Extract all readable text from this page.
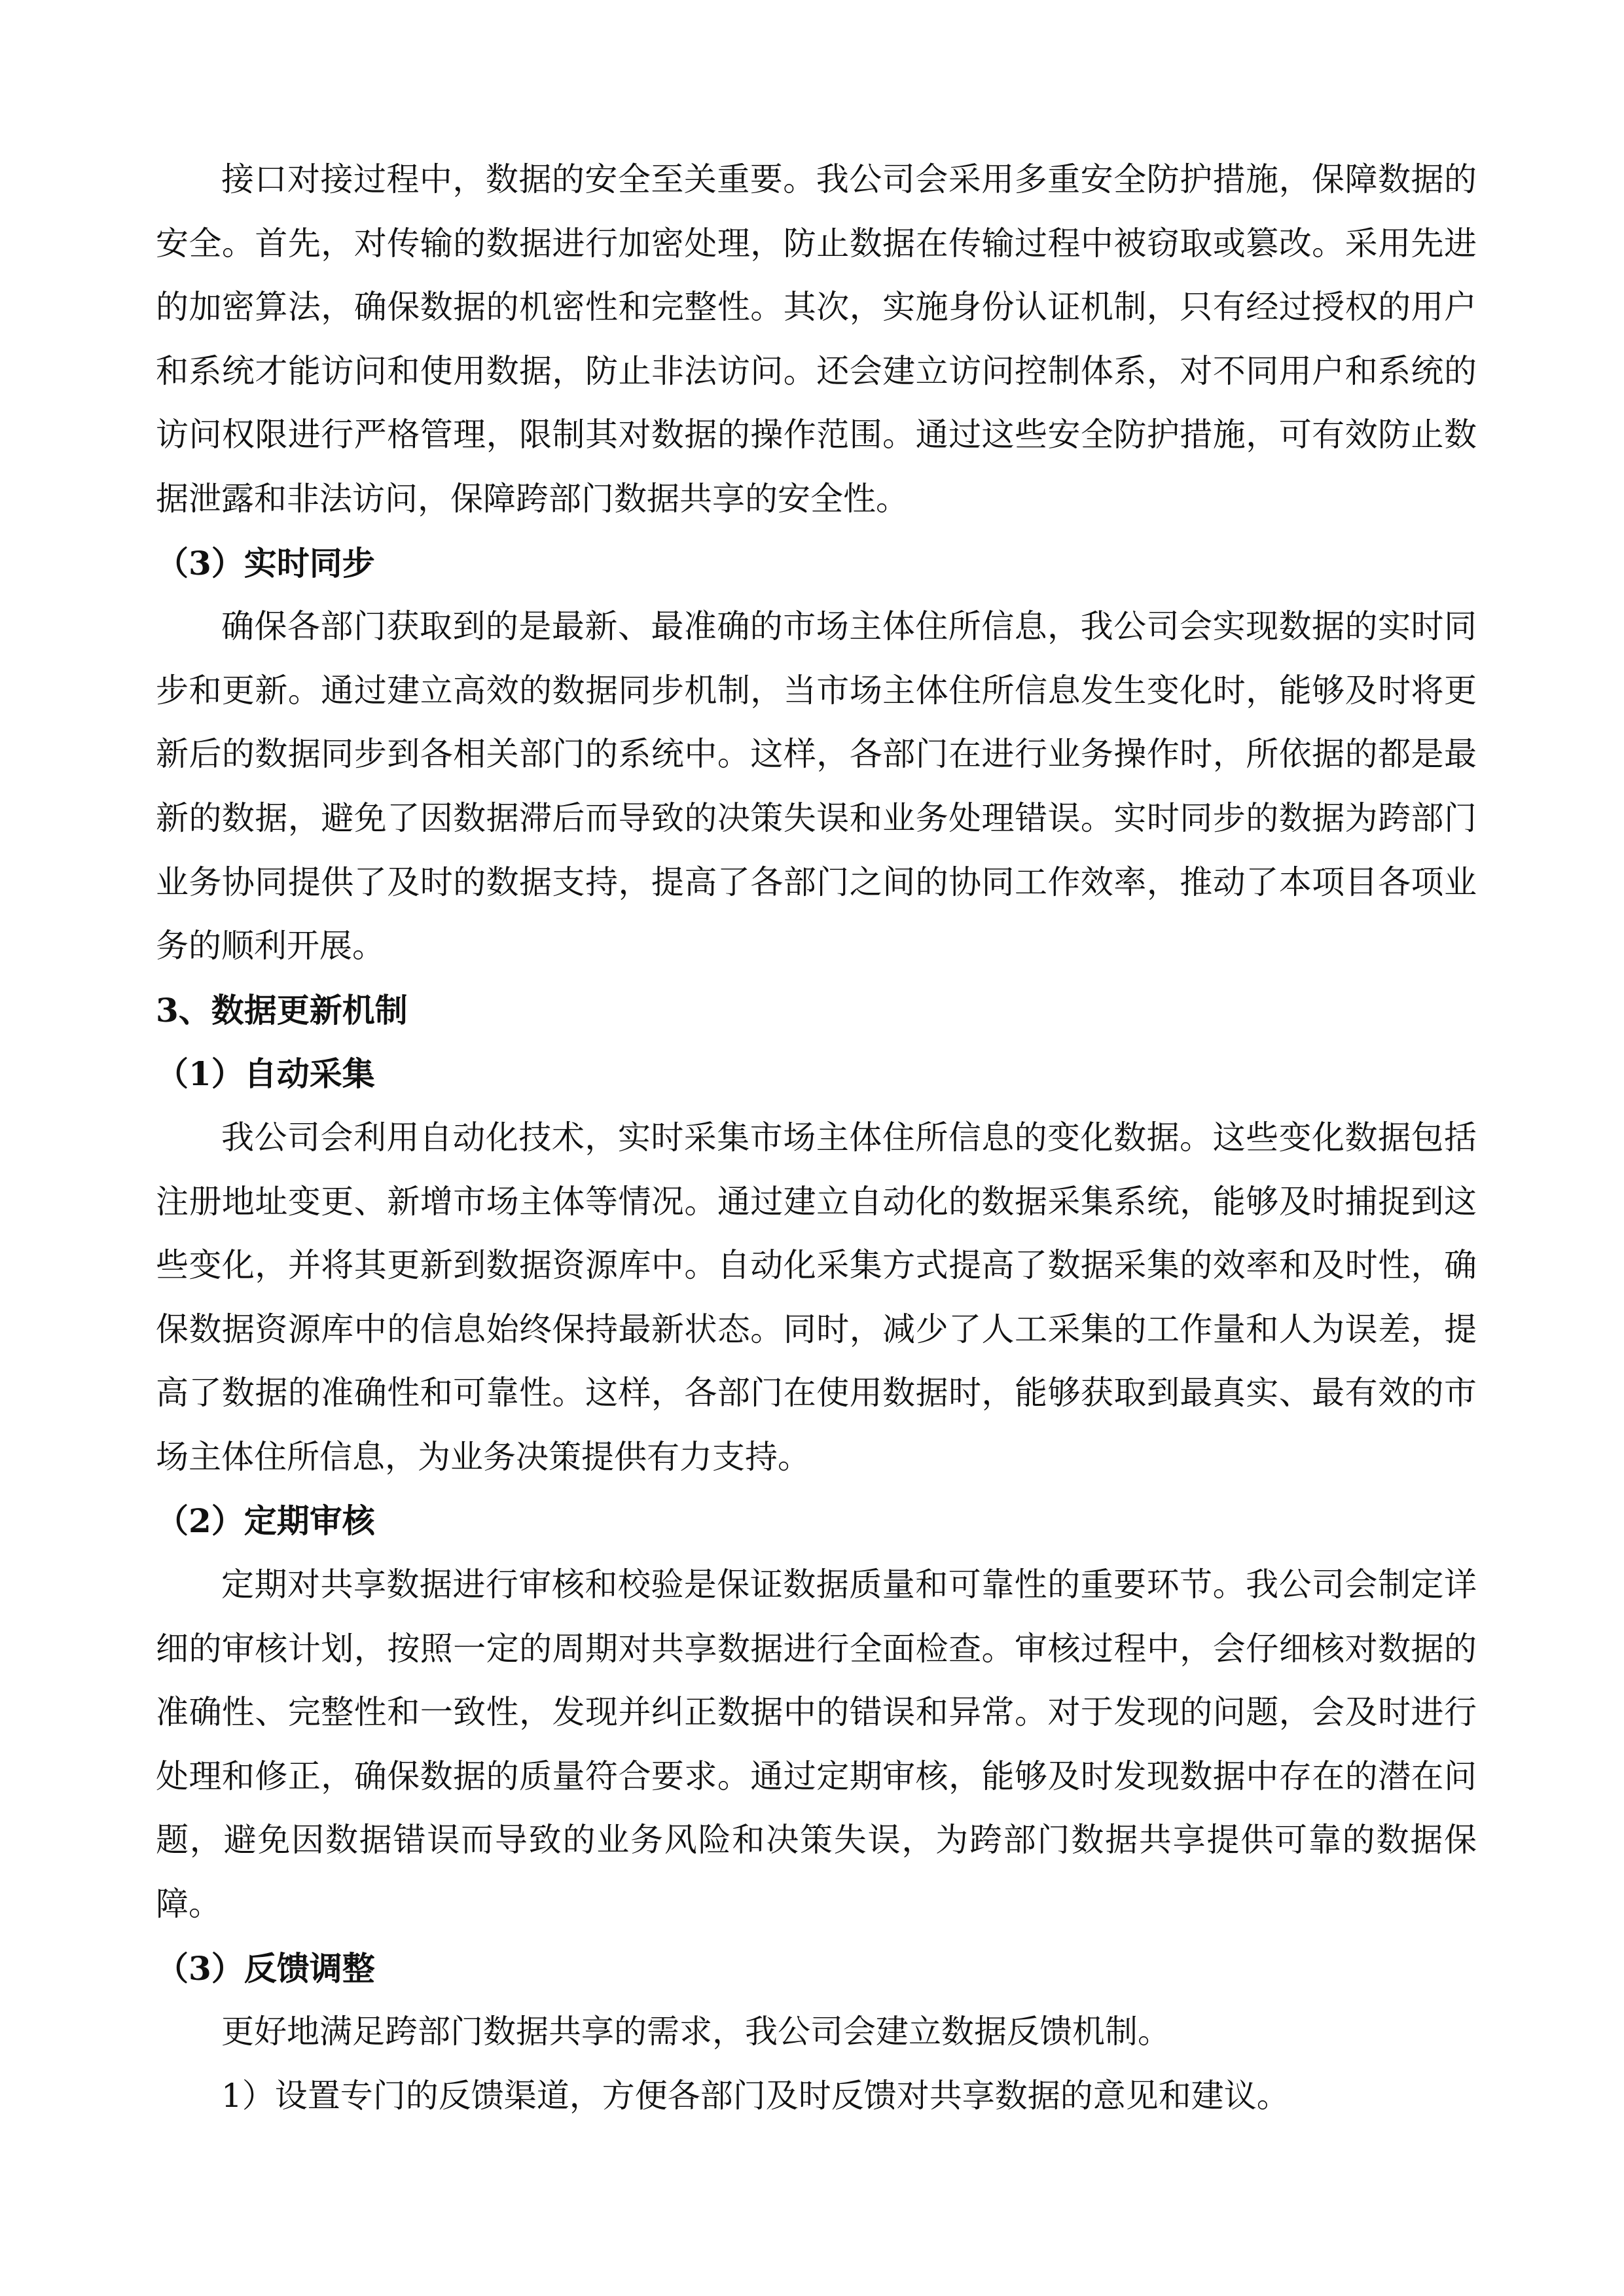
接口对接过程中，数据的安全至关重要。我公司会采用多重安全防护措施，保障数据的
安全。首先，对传输的数据进行加密处理，防止数据在传输过程中被窃取或篡改。采用先进
的加密算法，确保数据的机密性和完整性。其次，实施身份认证机制，只有经过授权的用户
和系统才能访问和使用数据，防止非法访问。还会建立访问控制体系，对不同用户和系统的
访问权限进行严格管理，限制其对数据的操作范围。通过这些安全防护措施，可有效防止数
据泄露和非法访问，保障跨部门数据共享的安全性。
（3）实时同步
确保各部门获取到的是最新、最准确的市场主体住所信息，我公司会实现数据的实时同
步和更新。通过建立高效的数据同步机制，当市场主体住所信息发生变化时，能够及时将更
新后的数据同步到各相关部门的系统中。这样，各部门在进行业务操作时，所依据的都是最
新的数据，避免了因数据滞后而导致的决策失误和业务处理错误。实时同步的数据为跨部门
业务协同提供了及时的数据支持，提高了各部门之间的协同工作效率，推动了本项目各项业
务的顺利开展。
3、数据更新机制
（1）自动采集
我公司会利用自动化技术，实时采集市场主体住所信息的变化数据。这些变化数据包括
注册地址变更、新增市场主体等情况。通过建立自动化的数据采集系统，能够及时捕捉到这
些变化，并将其更新到数据资源库中。自动化采集方式提高了数据采集的效率和及时性，确
保数据资源库中的信息始终保持最新状态。同时，减少了人工采集的工作量和人为误差，提
高了数据的准确性和可靠性。这样，各部门在使用数据时，能够获取到最真实、最有效的市
场主体住所信息，为业务决策提供有力支持。
（2）定期审核
定期对共享数据进行审核和校验是保证数据质量和可靠性的重要环节。我公司会制定详
细的审核计划，按照一定的周期对共享数据进行全面检查。审核过程中，会仔细核对数据的
准确性、完整性和一致性，发现并纠正数据中的错误和异常。对于发现的问题，会及时进行
处理和修正，确保数据的质量符合要求。通过定期审核，能够及时发现数据中存在的潜在问
题，避免因数据错误而导致的业务风险和决策失误，为跨部门数据共享提供可靠的数据保
障。
（3）反馈调整
更好地满足跨部门数据共享的需求，我公司会建立数据反馈机制。
1）设置专门的反馈渠道，方便各部门及时反馈对共享数据的意见和建议。
